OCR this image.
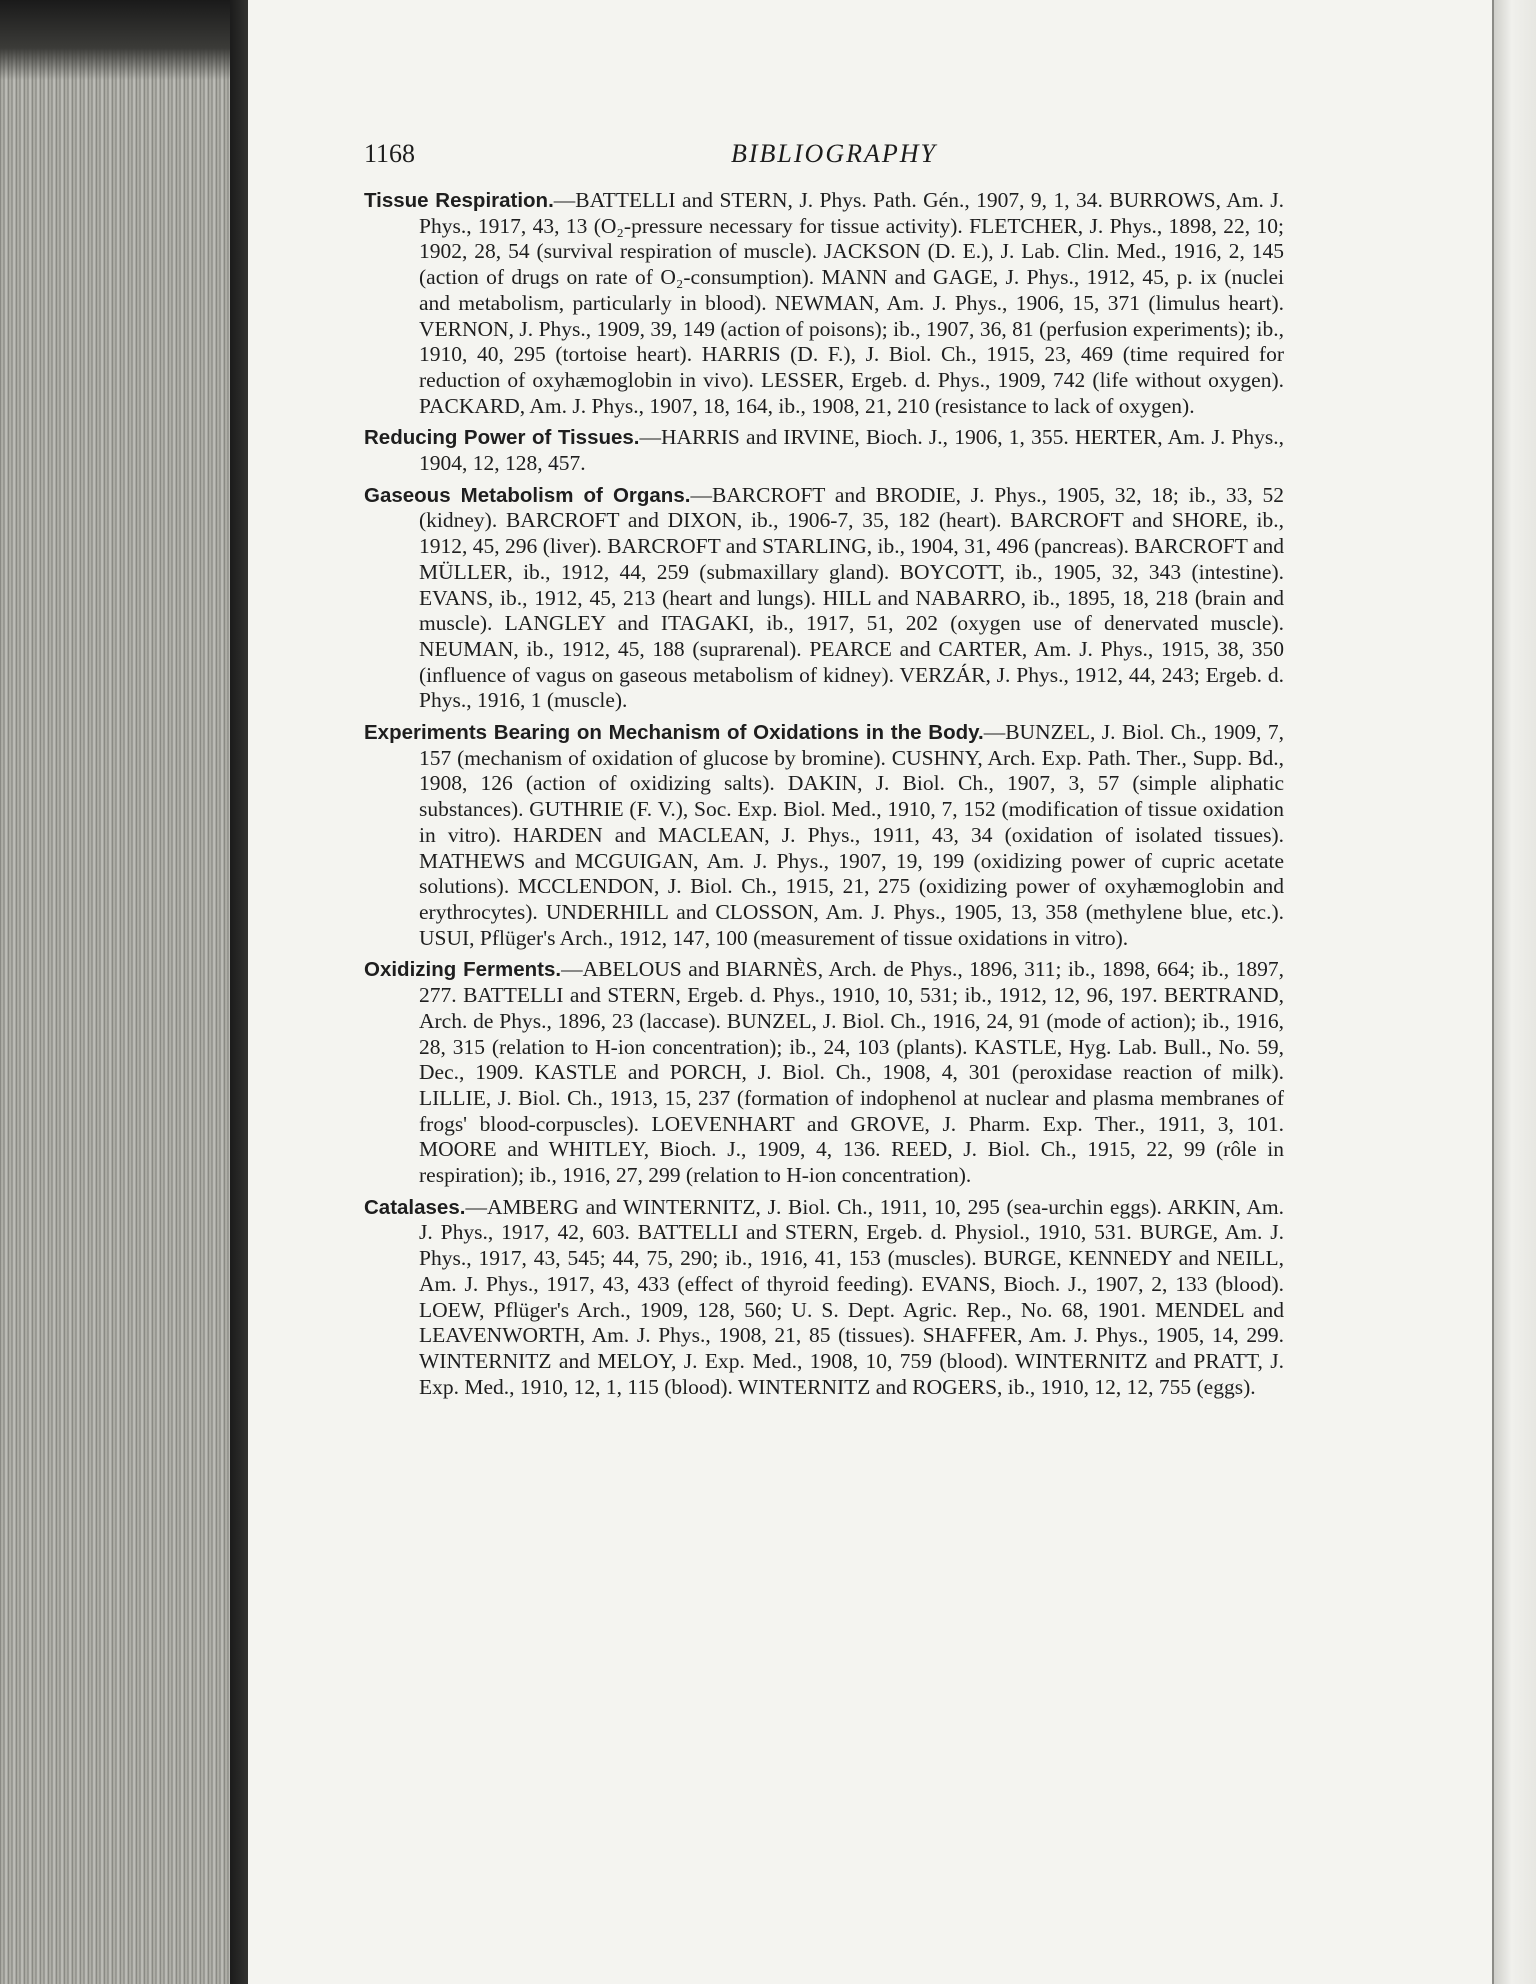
1168	BIBLIOGRAPHY

Tissue Respiration.—BATTELLI and STERN, J. Phys. Path. Gén., 1907, 9, 1, 34. BURROWS, Am. J. Phys., 1917, 43, 13 (O₂-pressure necessary for tissue activity). FLETCHER, J. Phys., 1898, 22, 10; 1902, 28, 54 (survival respiration of muscle). JACKSON (D. E.), J. Lab. Clin. Med., 1916, 2, 145 (action of drugs on rate of O₂-consumption). MANN and GAGE, J. Phys., 1912, 45, p. ix (nuclei and metabolism, particularly in blood). NEWMAN, Am. J. Phys., 1906, 15, 371 (limulus heart). VERNON, J. Phys., 1909, 39, 149 (action of poisons); ib., 1907, 36, 81 (perfusion experiments); ib., 1910, 40, 295 (tortoise heart). HARRIS (D. F.), J. Biol. Ch., 1915, 23, 469 (time required for reduction of oxyhæmoglobin in vivo). LESSER, Ergeb. d. Phys., 1909, 742 (life without oxygen). PACKARD, Am. J. Phys., 1907, 18, 164, ib., 1908, 21, 210 (resistance to lack of oxygen).

Reducing Power of Tissues.—HARRIS and IRVINE, Bioch. J., 1906, 1, 355. HERTER, Am. J. Phys., 1904, 12, 128, 457.

Gaseous Metabolism of Organs.—BARCROFT and BRODIE, J. Phys., 1905, 32, 18; ib., 33, 52 (kidney). BARCROFT and DIXON, ib., 1906-7, 35, 182 (heart). BARCROFT and SHORE, ib., 1912, 45, 296 (liver). BARCROFT and STARLING, ib., 1904, 31, 496 (pancreas). BARCROFT and MÜLLER, ib., 1912, 44, 259 (submaxillary gland). BOYCOTT, ib., 1905, 32, 343 (intestine). EVANS, ib., 1912, 45, 213 (heart and lungs). HILL and NABARRO, ib., 1895, 18, 218 (brain and muscle). LANGLEY and ITAGAKI, ib., 1917, 51, 202 (oxygen use of denervated muscle). NEUMAN, ib., 1912, 45, 188 (suprarenal). PEARCE and CARTER, Am. J. Phys., 1915, 38, 350 (influence of vagus on gaseous metabolism of kidney). VERZÁR, J. Phys., 1912, 44, 243; Ergeb. d. Phys., 1916, 1 (muscle).

Experiments Bearing on Mechanism of Oxidations in the Body.—BUNZEL, J. Biol. Ch., 1909, 7, 157 (mechanism of oxidation of glucose by bromine). CUSHNY, Arch. Exp. Path. Ther., Supp. Bd., 1908, 126 (action of oxidizing salts). DAKIN, J. Biol. Ch., 1907, 3, 57 (simple aliphatic substances). GUTHRIE (F. V.), Soc. Exp. Biol. Med., 1910, 7, 152 (modification of tissue oxidation in vitro). HARDEN and MACLEAN, J. Phys., 1911, 43, 34 (oxidation of isolated tissues). MATHEWS and MCGUIGAN, Am. J. Phys., 1907, 19, 199 (oxidizing power of cupric acetate solutions). MCCLENDON, J. Biol. Ch., 1915, 21, 275 (oxidizing power of oxyhæmoglobin and erythrocytes). UNDERHILL and CLOSSON, Am. J. Phys., 1905, 13, 358 (methylene blue, etc.). USUI, Pflüger's Arch., 1912, 147, 100 (measurement of tissue oxidations in vitro).

Oxidizing Ferments.—ABELOUS and BIARNÈS, Arch. de Phys., 1896, 311; ib., 1898, 664; ib., 1897, 277. BATTELLI and STERN, Ergeb. d. Phys., 1910, 10, 531; ib., 1912, 12, 96, 197. BERTRAND, Arch. de Phys., 1896, 23 (laccase). BUNZEL, J. Biol. Ch., 1916, 24, 91 (mode of action); ib., 1916, 28, 315 (relation to H-ion concentration); ib., 24, 103 (plants). KASTLE, Hyg. Lab. Bull., No. 59, Dec., 1909. KASTLE and PORCH, J. Biol. Ch., 1908, 4, 301 (peroxidase reaction of milk). LILLIE, J. Biol. Ch., 1913, 15, 237 (formation of indophenol at nuclear and plasma membranes of frogs' blood-corpuscles). LOEVENHART and GROVE, J. Pharm. Exp. Ther., 1911, 3, 101. MOORE and WHITLEY, Bioch. J., 1909, 4, 136. REED, J. Biol. Ch., 1915, 22, 99 (rôle in respiration); ib., 1916, 27, 299 (relation to H-ion concentration).

Catalases.—AMBERG and WINTERNITZ, J. Biol. Ch., 1911, 10, 295 (sea-urchin eggs). ARKIN, Am. J. Phys., 1917, 42, 603. BATTELLI and STERN, Ergeb. d. Physiol., 1910, 531. BURGE, Am. J. Phys., 1917, 43, 545; 44, 75, 290; ib., 1916, 41, 153 (muscles). BURGE, KENNEDY and NEILL, Am. J. Phys., 1917, 43, 433 (effect of thyroid feeding). EVANS, Bioch. J., 1907, 2, 133 (blood). LOEW, Pflüger's Arch., 1909, 128, 560; U. S. Dept. Agric. Rep., No. 68, 1901. MENDEL and LEAVENWORTH, Am. J. Phys., 1908, 21, 85 (tissues). SHAFFER, Am. J. Phys., 1905, 14, 299. WINTERNITZ and MELOY, J. Exp. Med., 1908, 10, 759 (blood). WINTERNITZ and PRATT, J. Exp. Med., 1910, 12, 1, 115 (blood). WINTERNITZ and ROGERS, ib., 1910, 12, 12, 755 (eggs).
